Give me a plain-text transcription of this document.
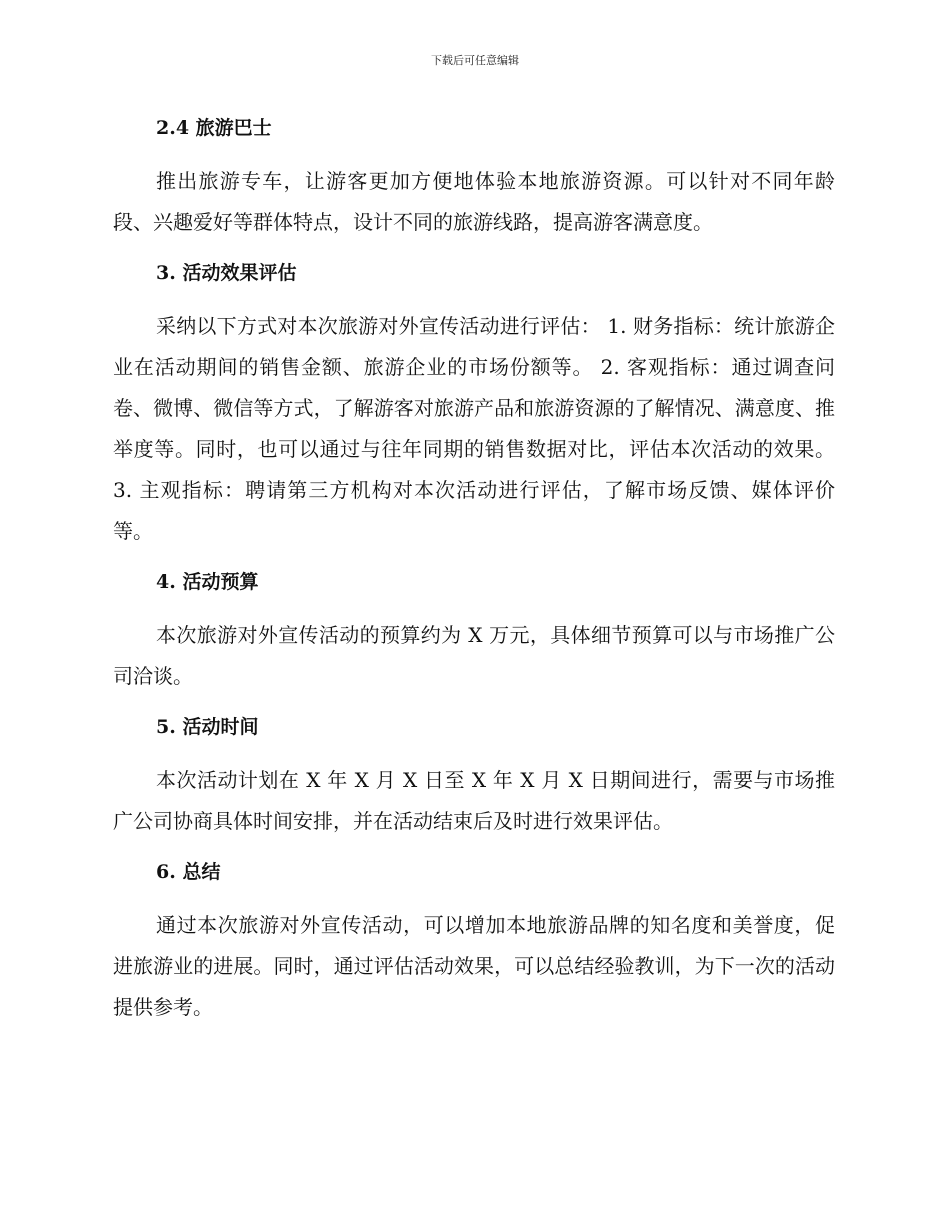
下载后可任意编辑
2.4 旅游巴士

推出旅游专车，让游客更加方便地体验本地旅游资源。可以针对不同年龄段、兴趣爱好等群体特点，设计不同的旅游线路，提高游客满意度。

3. 活动效果评估

采纳以下方式对本次旅游对外宣传活动进行评估： 1. 财务指标：统计旅游企业在活动期间的销售金额、旅游企业的市场份额等。 2. 客观指标：通过调查问卷、微博、微信等方式，了解游客对旅游产品和旅游资源的了解情况、满意度、推举度等。同时，也可以通过与往年同期的销售数据对比，评估本次活动的效果。 3. 主观指标：聘请第三方机构对本次活动进行评估，了解市场反馈、媒体评价等。

4. 活动预算

本次旅游对外宣传活动的预算约为 X 万元，具体细节预算可以与市场推广公司洽谈。

5. 活动时间

本次活动计划在 X 年 X 月 X 日至 X 年 X 月 X 日期间进行，需要与市场推广公司协商具体时间安排，并在活动结束后及时进行效果评估。

6. 总结

通过本次旅游对外宣传活动，可以增加本地旅游品牌的知名度和美誉度，促进旅游业的进展。同时，通过评估活动效果，可以总结经验教训，为下一次的活动提供参考。
